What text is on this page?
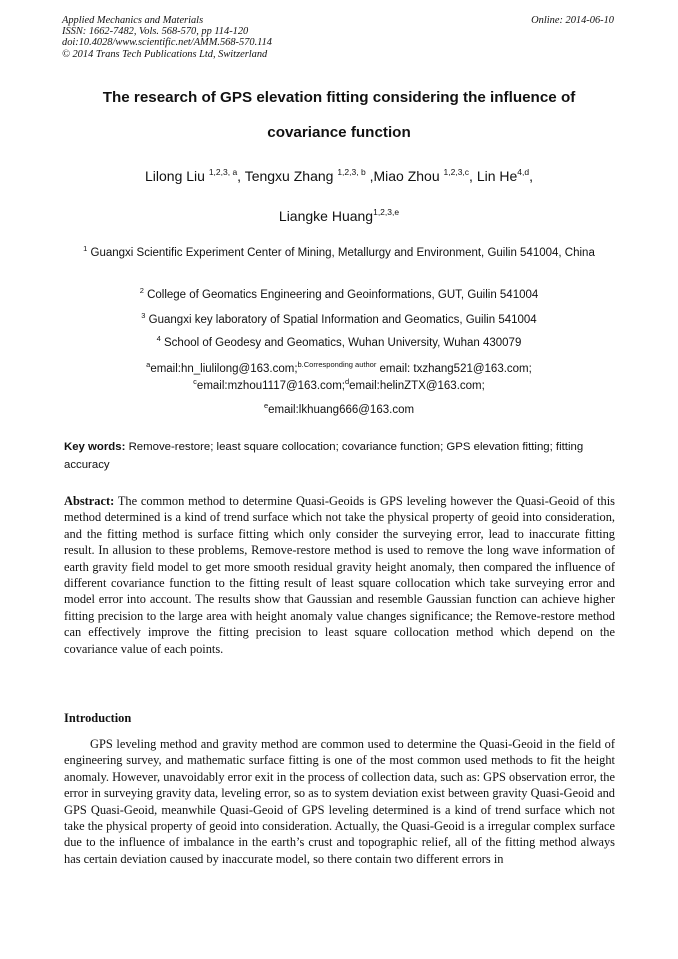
Applied Mechanics and Materials
ISSN: 1662-7482, Vols. 568-570, pp 114-120
doi:10.4028/www.scientific.net/AMM.568-570.114
© 2014 Trans Tech Publications Ltd, Switzerland
Online: 2014-06-10
The research of GPS elevation fitting considering the influence of
covariance function
Lilong Liu $^{1,2,3, a}$, Tengxu Zhang $^{1,2,3, b}$ ,Miao Zhou $^{1,2,3,c}$, Lin He$^{4,d}$,
Liangke Huang$^{1,2,3,e}$
$^1$ Guangxi Scientific Experiment Center of Mining, Metallurgy and Environment, Guilin 541004, China
$^2$ College of Geomatics Engineering and Geoinformations, GUT, Guilin 541004
$^3$ Guangxi key laboratory of Spatial Information and Geomatics, Guilin 541004
$^4$ School of Geodesy and Geomatics, Wuhan University, Wuhan 430079
$^a$email:hn_liulilong@163.com;$^{b.Corresponding author}$ email: txzhang521@163.com;
$^c$email:mzhou1117@163.com;$^d$email:helinZTX@163.com;
$^e$email:lkhuang666@163.com
Key words: Remove-restore; least square collocation; covariance function; GPS elevation fitting; fitting accuracy
Abstract: The common method to determine Quasi-Geoids is GPS leveling however the Quasi-Geoid of this method determined is a kind of trend surface which not take the physical property of geoid into consideration, and the fitting method is surface fitting which only consider the surveying error, lead to inaccurate fitting result. In allusion to these problems, Remove-restore method is used to remove the long wave information of earth gravity field model to get more smooth residual gravity height anomaly, then compared the influence of different covariance function to the fitting result of least square collocation which take surveying error and model error into account. The results show that Gaussian and resemble Gaussian function can achieve higher fitting precision to the large area with height anomaly value changes significance; the Remove-restore method can effectively improve the fitting precision to least square collocation method which depend on the covariance value of each points.
Introduction
GPS leveling method and gravity method are common used to determine the Quasi-Geoid in the field of engineering survey, and mathematic surface fitting is one of the most common used methods to fit the height anomaly. However, unavoidably error exit in the process of collection data, such as: GPS observation error, the error in surveying gravity data, leveling error, so as to system deviation exist between gravity Quasi-Geoid and GPS Quasi-Geoid, meanwhile Quasi-Geoid of GPS leveling determined is a kind of trend surface which not take the physical property of geoid into consideration. Actually, the Quasi-Geoid is a irregular complex surface due to the influence of imbalance in the earth’s crust and topographic relief, all of the fitting method always has certain deviation caused by inaccurate model, so there contain two different errors in
